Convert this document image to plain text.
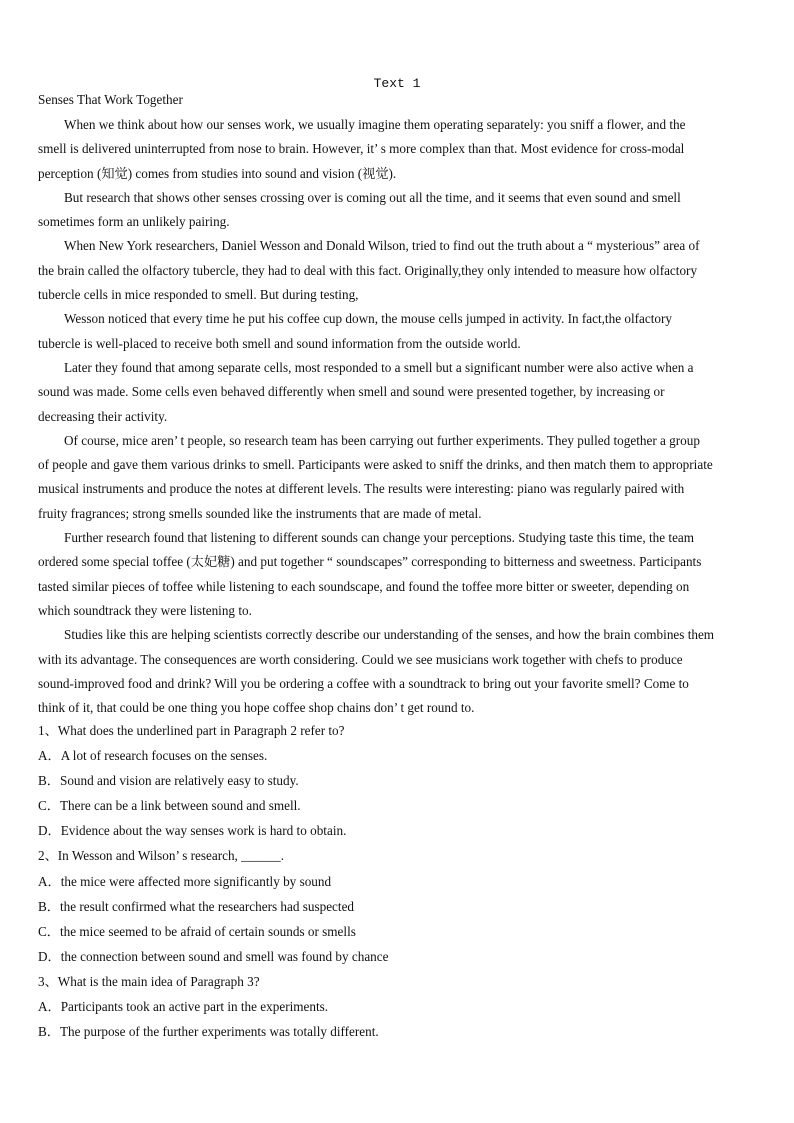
Text 1
Senses That Work Together
When we think about how our senses work, we usually imagine them operating separately: you sniff a flower, and the
smell is delivered uninterrupted from nose to brain. However, it’ s more complex than that. Most evidence for cross-modal
perception (知觉) comes from studies into sound and vision (视觉).
But research that shows other senses crossing over is coming out all the time, and it seems that even sound and smell
sometimes form an unlikely pairing.
When New York researchers, Daniel Wesson and Donald Wilson, tried to find out the truth about a “ mysterious” area of
the brain called the olfactory tubercle, they had to deal with this fact. Originally,they only intended to measure how olfactory
tubercle cells in mice responded to smell. But during testing,
Wesson noticed that every time he put his coffee cup down, the mouse cells jumped in activity. In fact,the olfactory
tubercle is well-placed to receive both smell and sound information from the outside world.
Later they found that among separate cells, most responded to a smell but a significant number were also active when a
sound was made. Some cells even behaved differently when smell and sound were presented together, by increasing or
decreasing their activity.
Of course, mice aren’ t people, so research team has been carrying out further experiments. They pulled together a group
of people and gave them various drinks to smell. Participants were asked to sniff the drinks, and then match them to appropriate
musical instruments and produce the notes at different levels. The results were interesting: piano was regularly paired with
fruity fragrances; strong smells sounded like the instruments that are made of metal.
Further research found that listening to different sounds can change your perceptions. Studying taste this time, the team
ordered some special toffee (太妃糖) and put together “ soundscapes” corresponding to bitterness and sweetness. Participants
tasted similar pieces of toffee while listening to each soundscape, and found the toffee more bitter or sweeter, depending on
which soundtrack they were listening to.
Studies like this are helping scientists correctly describe our understanding of the senses, and how the brain combines them
with its advantage. The consequences are worth considering. Could we see musicians work together with chefs to produce
sound-improved food and drink? Will you be ordering a coffee with a soundtrack to bring out your favorite smell? Come to
think of it, that could be one thing you hope coffee shop chains don’ t get round to.
1、What does the underlined part in Paragraph 2 refer to?
A．A lot of research focuses on the senses.
B．Sound and vision are relatively easy to study.
C．There can be a link between sound and smell.
D．Evidence about the way senses work is hard to obtain.
2、In Wesson and Wilson’ s research, ______.
A．the mice were affected more significantly by sound
B．the result confirmed what the researchers had suspected
C．the mice seemed to be afraid of certain sounds or smells
D．the connection between sound and smell was found by chance
3、What is the main idea of Paragraph 3?
A．Participants took an active part in the experiments.
B．The purpose of the further experiments was totally different.
